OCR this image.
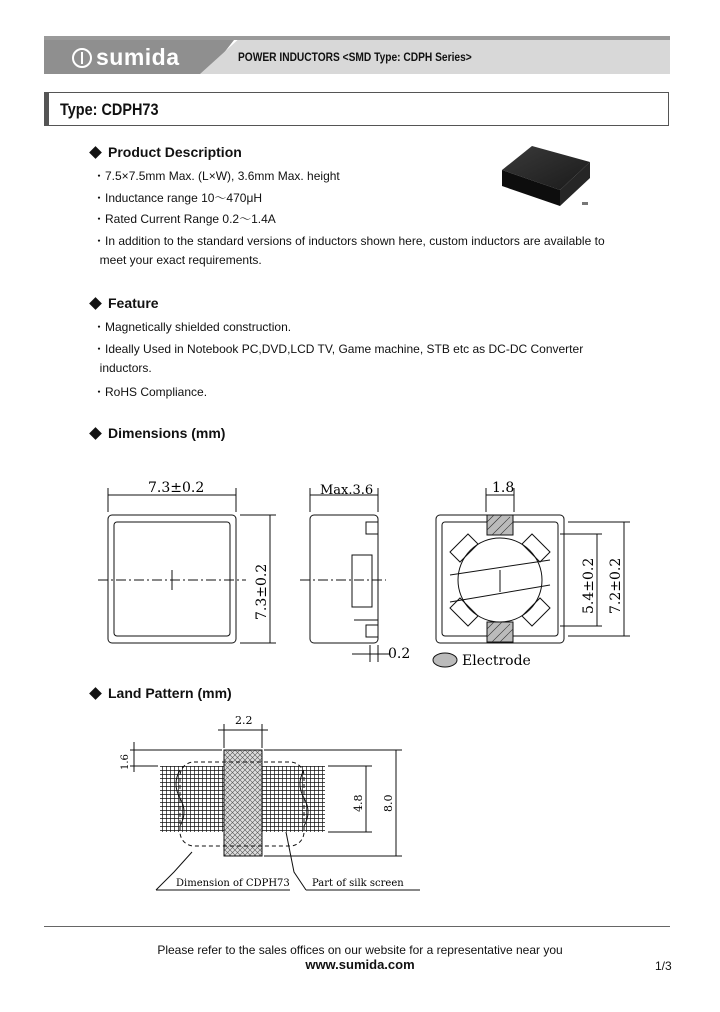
sumida	POWER INDUCTORS <SMD Type: CDPH Series>
Type: CDPH73
Product Description
・7.5×7.5mm Max. (L×W), 3.6mm Max. height
・Inductance range 10～470μH
・Rated Current Range 0.2～1.4A
・In addition to the standard versions of inductors shown here, custom inductors are available to
meet your exact requirements.
Feature
・Magnetically shielded construction.
・Ideally Used in Notebook PC,DVD,LCD TV, Game machine, STB etc as DC-DC Converter
inductors.
・RoHS Compliance.
Dimensions (mm)
7.3±0.2	Max.3.6	1.8
0.2	Electrode
7.3±0.2	5.4±0.2 7.2±0.2
Land Pattern (mm)
2.2
1.6
4.8 8.0
Dimension of CDPH73 Part of silk screen
Please refer to the sales offices on our website for a representative near you
www.sumida.com	1/3
